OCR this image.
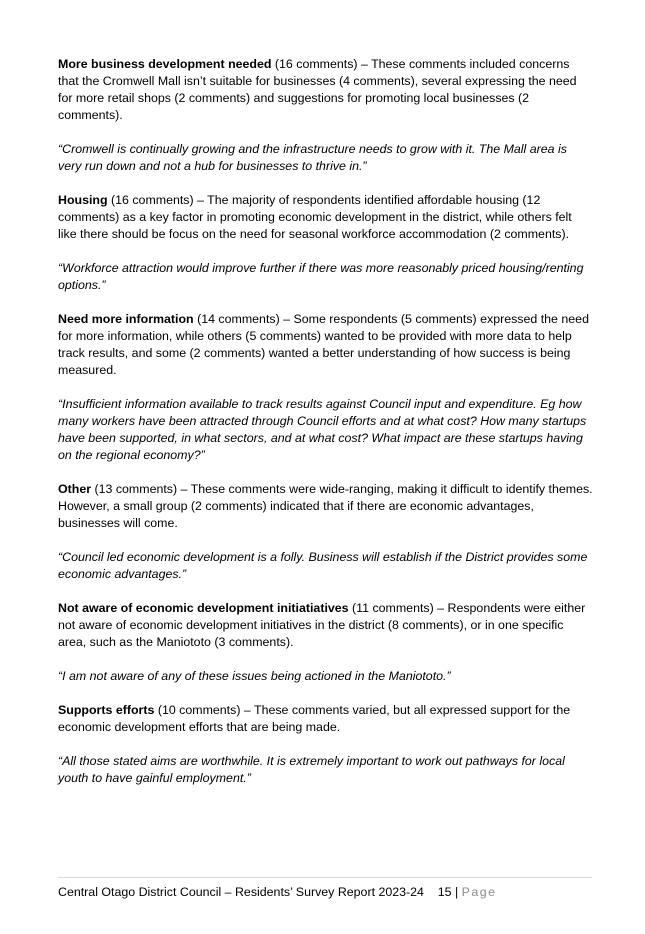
More business development needed (16 comments) – These comments included concerns that the Cromwell Mall isn’t suitable for businesses (4 comments), several expressing the need for more retail shops (2 comments) and suggestions for promoting local businesses (2 comments).

“Cromwell is continually growing and the infrastructure needs to grow with it. The Mall area is very run down and not a hub for businesses to thrive in.”

Housing (16 comments) – The majority of respondents identified affordable housing (12 comments) as a key factor in promoting economic development in the district, while others felt like there should be focus on the need for seasonal workforce accommodation (2 comments).

“Workforce attraction would improve further if there was more reasonably priced housing/renting options.”

Need more information (14 comments) – Some respondents (5 comments) expressed the need for more information, while others (5 comments) wanted to be provided with more data to help track results, and some (2 comments) wanted a better understanding of how success is being measured.

“Insufficient information available to track results against Council input and expenditure. Eg how many workers have been attracted through Council efforts and at what cost? How many startups have been supported, in what sectors, and at what cost? What impact are these startups having on the regional economy?”

Other (13 comments) – These comments were wide-ranging, making it difficult to identify themes. However, a small group (2 comments) indicated that if there are economic advantages, businesses will come.

“Council led economic development is a folly. Business will establish if the District provides some economic advantages.”

Not aware of economic development initiatiatives (11 comments) – Respondents were either not aware of economic development initiatives in the district (8 comments), or in one specific area, such as the Maniototo (3 comments).

“I am not aware of any of these issues being actioned in the Maniototo.”

Supports efforts (10 comments) – These comments varied, but all expressed support for the economic development efforts that are being made.

“All those stated aims are worthwhile. It is extremely important to work out pathways for local youth to have gainful employment.”

Central Otago District Council – Residents’ Survey Report 2023-24 15 | Page
